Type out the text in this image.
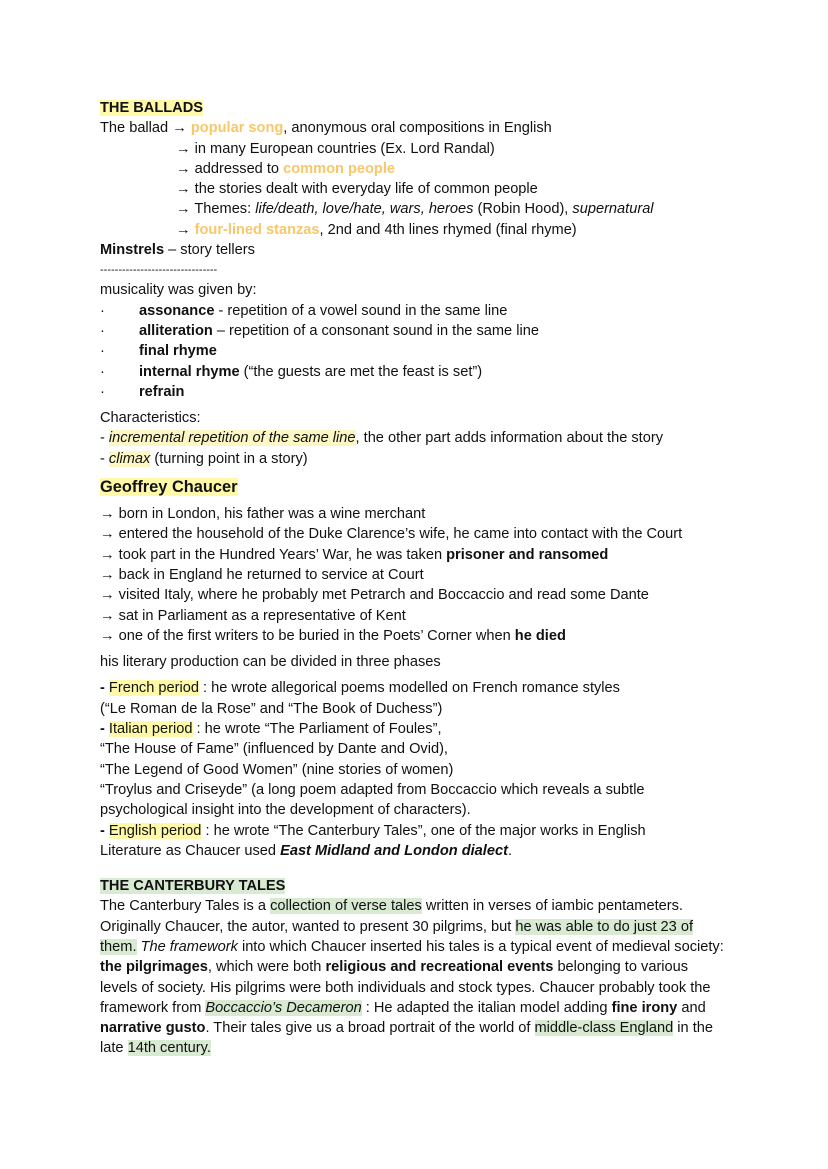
THE BALLADS
The ballad → popular song, anonymous oral compositions in English
→ in many European countries (Ex. Lord Randal)
→ addressed to common people
→ the stories dealt with everyday life of common people
→ Themes: life/death, love/hate, wars, heroes (Robin Hood), supernatural
→ four-lined stanzas, 2nd and 4th lines rhymed (final rhyme)
Minstrels – story tellers
--------------------------------
musicality was given by:
· assonance - repetition of a vowel sound in the same line
· alliteration – repetition of a consonant sound in the same line
· final rhyme
· internal rhyme (“the guests are met the feast is set”)
· refrain
Characteristics:
- incremental repetition of the same line, the other part adds information about the story
- climax (turning point in a story)
Geoffrey Chaucer
→ born in London, his father was a wine merchant
→ entered the household of the Duke Clarence’s wife, he came into contact with the Court
→ took part in the Hundred Years’ War, he was taken prisoner and ransomed
→ back in England he returned to service at Court
→ visited Italy, where he probably met Petrarch and Boccaccio and read some Dante
→ sat in Parliament as a representative of Kent
→ one of the first writers to be buried in the Poets’ Corner when he died
his literary production can be divided in three phases
- French period : he wrote allegorical poems modelled on French romance styles
(“Le Roman de la Rose” and “The Book of Duchess”)
- Italian period : he wrote “The Parliament of Foules”,
“The House of Fame” (influenced by Dante and Ovid),
“The Legend of Good Women” (nine stories of women)
“Troylus and Criseyde” (a long poem adapted from Boccaccio which reveals a subtle
psychological insight into the development of characters).
- English period : he wrote “The Canterbury Tales”, one of the major works in English
Literature as Chaucer used East Midland and London dialect.
THE CANTERBURY TALES
The Canterbury Tales is a collection of verse tales written in verses of iambic pentameters. Originally Chaucer, the autor, wanted to present 30 pilgrims, but he was able to do just 23 of them. The framework into which Chaucer inserted his tales is a typical event of medieval society: the pilgrimages, which were both religious and recreational events belonging to various levels of society. His pilgrims were both individuals and stock types. Chaucer probably took the framework from Boccaccio’s Decameron : He adapted the italian model adding fine irony and narrative gusto. Their tales give us a broad portrait of the world of middle-class England in the late 14th century.
